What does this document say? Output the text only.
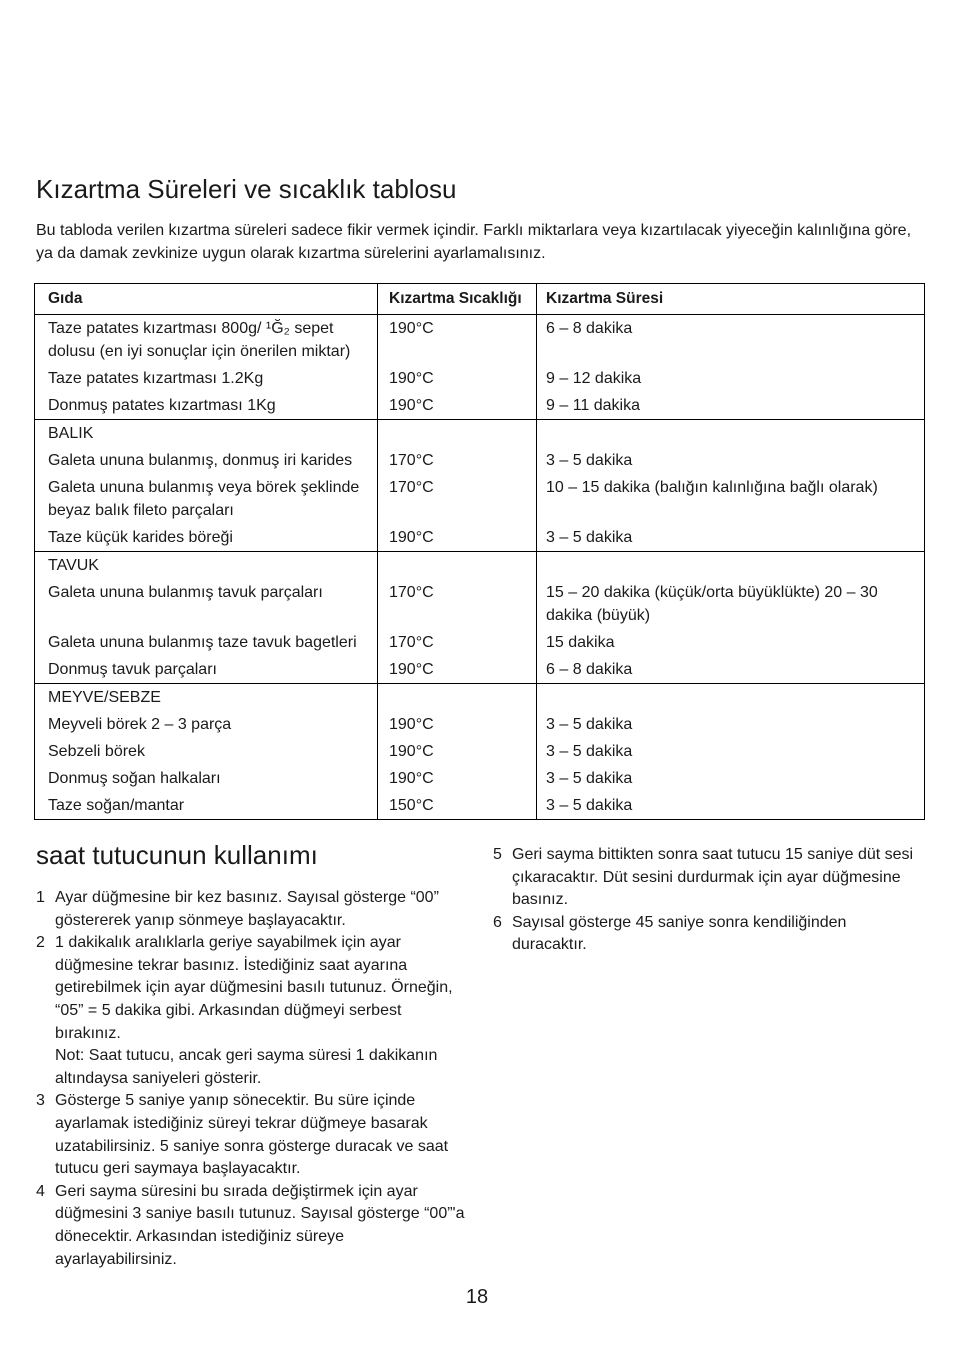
Kızartma Süreleri ve sıcaklık tablosu

Bu tabloda verilen kızartma süreleri sadece fikir vermek içindir. Farklı miktarlara veya kızartılacak yiyeceğin kalınlığına göre, ya da damak zevkinize uygun olarak kızartma sürelerini ayarlamalısınız.

Gıda	Kızartma Sıcaklığı	Kızartma Süresi
Taze patates kızartması 800g/ ¹Ğ₂ sepet dolusu (en iyi sonuçlar için önerilen miktar)	190°C	6 – 8 dakika
Taze patates kızartması 1.2Kg	190°C	9 – 12 dakika
Donmuş patates kızartması 1Kg	190°C	9 – 11 dakika
BALIK		
Galeta ununa bulanmış, donmuş iri karides	170°C	3 – 5 dakika
Galeta ununa bulanmış veya börek şeklinde beyaz balık fileto parçaları	170°C	10 – 15 dakika (balığın kalınlığına bağlı olarak)
Taze küçük karides böreği	190°C	3 – 5 dakika
TAVUK		
Galeta ununa bulanmış tavuk parçaları	170°C	15 – 20 dakika (küçük/orta büyüklükte) 20 – 30 dakika (büyük)
Galeta ununa bulanmış taze tavuk bagetleri	170°C	15 dakika
Donmuş tavuk parçaları	190°C	6 – 8 dakika
MEYVE/SEBZE		
Meyveli börek 2 – 3 parça	190°C	3 – 5 dakika
Sebzeli börek	190°C	3 – 5 dakika
Donmuş soğan halkaları	190°C	3 – 5 dakika
Taze soğan/mantar	150°C	3 – 5 dakika
saat tutucunun kullanımı
1 Ayar düğmesine bir kez basınız. Sayısal gösterge “00” göstererek yanıp sönmeye başlayacaktır.
2 1 dakikalık aralıklarla geriye sayabilmek için ayar düğmesine tekrar basınız. İstediğiniz saat ayarına getirebilmek için ayar düğmesini basılı tutunuz. Örneğin, “05” = 5 dakika gibi. Arkasından düğmeyi serbest bırakınız.
Not: Saat tutucu, ancak geri sayma süresi 1 dakikanın altındaysa saniyeleri gösterir.
3 Gösterge 5 saniye yanıp sönecektir. Bu süre içinde ayarlamak istediğiniz süreyi tekrar düğmeye basarak uzatabilirsiniz. 5 saniye sonra gösterge duracak ve saat tutucu geri saymaya başlayacaktır.
4 Geri sayma süresini bu sırada değiştirmek için ayar düğmesini 3 saniye basılı tutunuz. Sayısal gösterge “00”'a dönecektir. Arkasından istediğiniz süreye ayarlayabilirsiniz.
5 Geri sayma bittikten sonra saat tutucu 15 saniye düt sesi çıkaracaktır. Düt sesini durdurmak için ayar düğmesine basınız.
6 Sayısal gösterge 45 saniye sonra kendiliğinden duracaktır.
18
